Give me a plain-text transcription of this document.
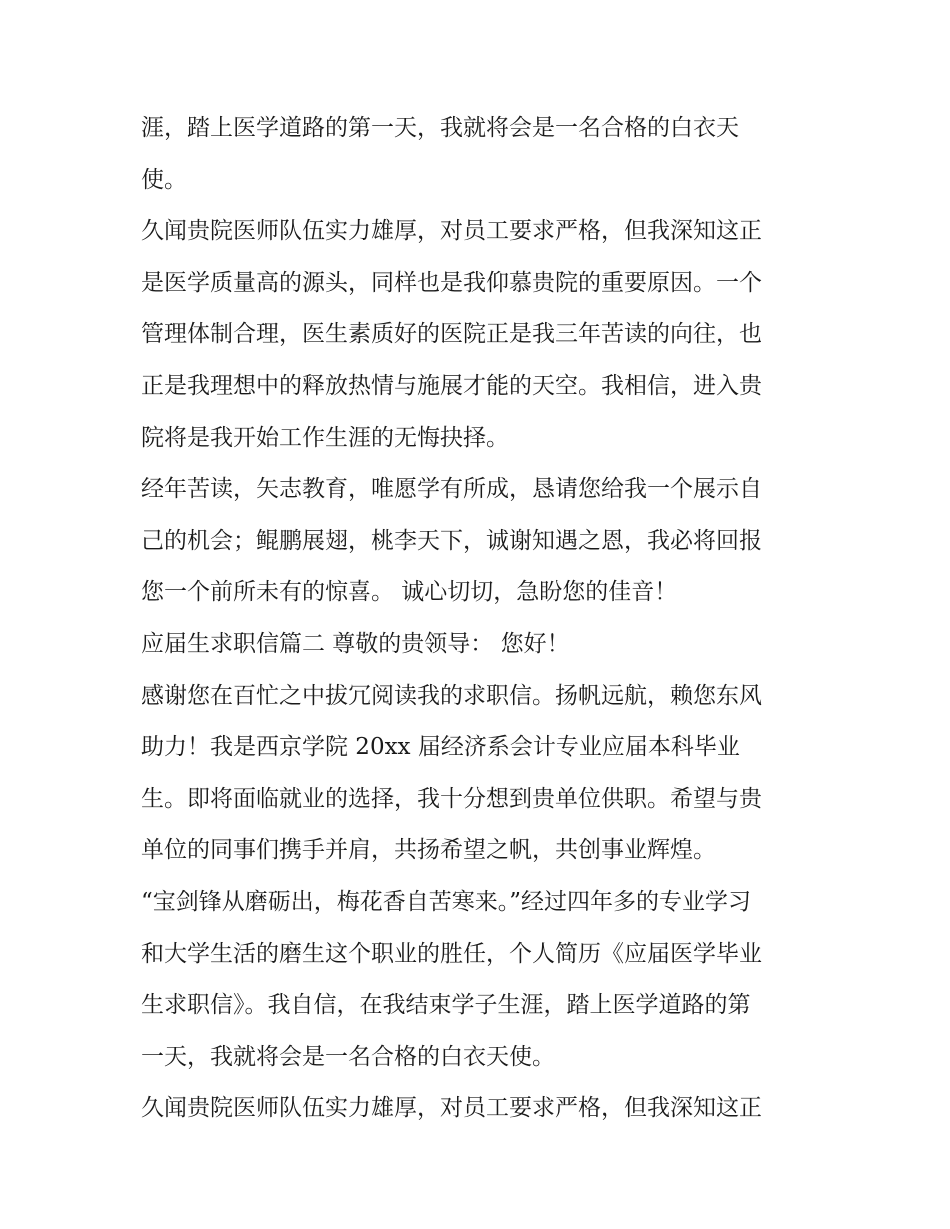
涯，踏上医学道路的第一天，我就将会是一名合格的白衣天
使。
久闻贵院医师队伍实力雄厚，对员工要求严格，但我深知这正
是医学质量高的源头，同样也是我仰慕贵院的重要原因。一个
管理体制合理，医生素质好的医院正是我三年苦读的向往，也
正是我理想中的释放热情与施展才能的天空。我相信，进入贵
院将是我开始工作生涯的无悔抉择。
经年苦读，矢志教育，唯愿学有所成，恳请您给我一个展示自
己的机会；鲲鹏展翅，桃李天下，诚谢知遇之恩，我必将回报
您一个前所未有的惊喜。 诚心切切，急盼您的佳音！
应届生求职信篇二 尊敬的贵领导： 您好！
感谢您在百忙之中拔冗阅读我的求职信。扬帆远航，赖您东风
助力！我是西京学院 20xx 届经济系会计专业应届本科毕业
生。即将面临就业的选择，我十分想到贵单位供职。希望与贵
单位的同事们携手并肩，共扬希望之帆，共创事业辉煌。
“宝剑锋从磨砺出，梅花香自苦寒来。”经过四年多的专业学习
和大学生活的磨生这个职业的胜任，个人简历《应届医学毕业
生求职信》。我自信，在我结束学子生涯，踏上医学道路的第
一天，我就将会是一名合格的白衣天使。
久闻贵院医师队伍实力雄厚，对员工要求严格，但我深知这正
